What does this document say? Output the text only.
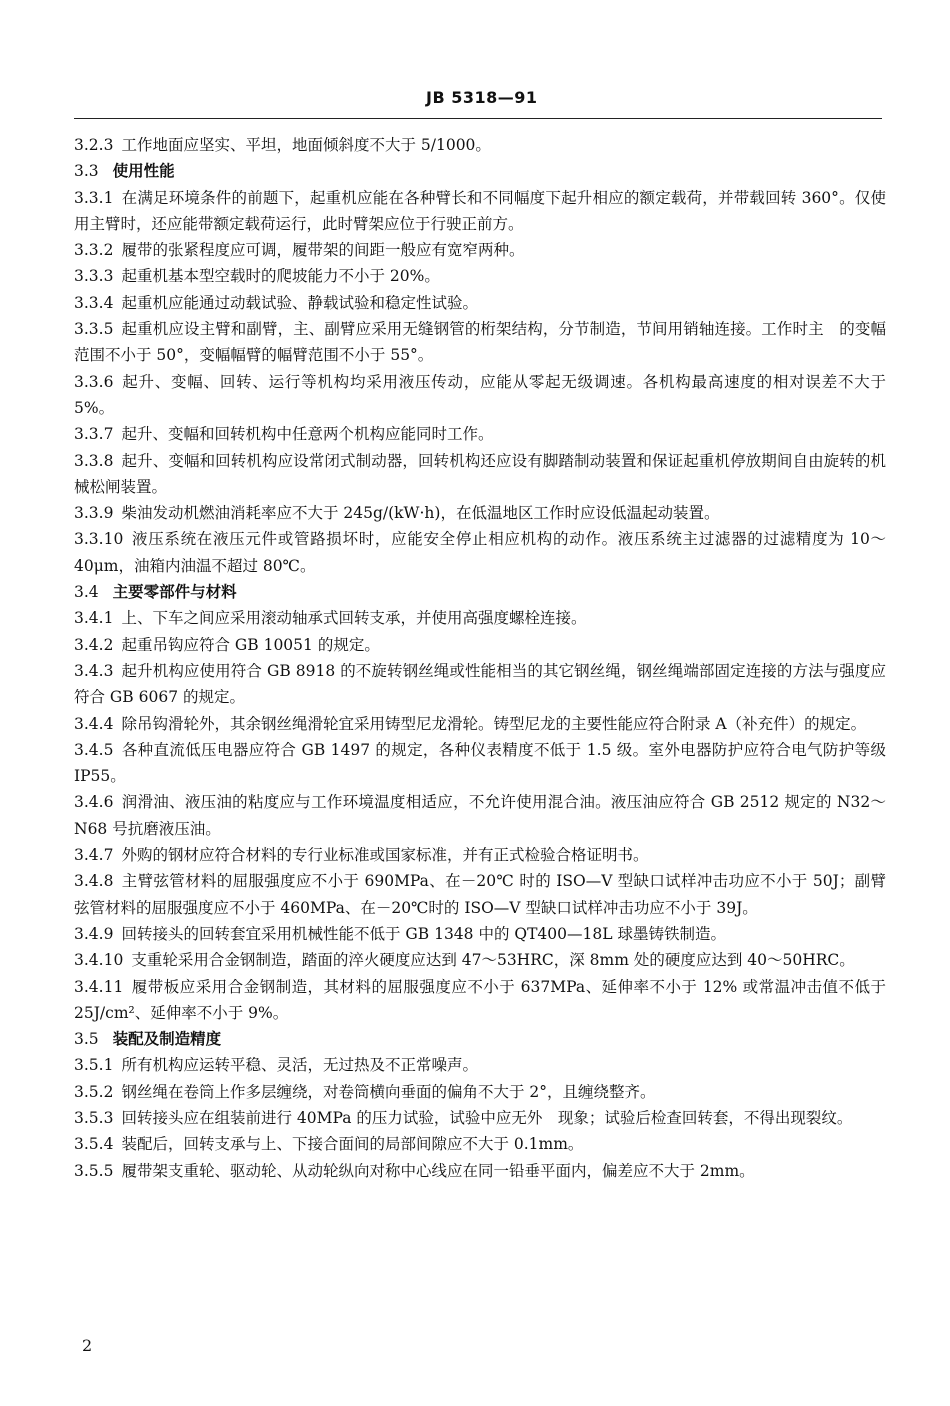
JB 5318—91

3.2.3 工作地面应坚实、平坦，地面倾斜度不大于 5/1000。

3.3 使用性能

3.3.1 在满足环境条件的前题下，起重机应能在各种臂长和不同幅度下起升相应的额定载荷，并带载回转 360°。仅使用主臂时，还应能带额定载荷运行，此时臂架应位于行驶正前方。

3.3.2 履带的张紧程度应可调，履带架的间距一般应有宽窄两种。

3.3.3 起重机基本型空载时的爬坡能力不小于 20%。

3.3.4 起重机应能通过动载试验、静载试验和稳定性试验。

3.3.5 起重机应设主臂和副臂，主、副臂应采用无缝钢管的桁架结构，分节制造，节间用销轴连接。工作时主　的变幅范围不小于 50°，变幅幅臂的幅臂范围不小于 55°。

3.3.6 起升、变幅、回转、运行等机构均采用液压传动，应能从零起无级调速。各机构最高速度的相对误差不大于 5%。

3.3.7 起升、变幅和回转机构中任意两个机构应能同时工作。

3.3.8 起升、变幅和回转机构应设常闭式制动器，回转机构还应设有脚踏制动装置和保证起重机停放期间自由旋转的机械松闸装置。

3.3.9 柴油发动机燃油消耗率应不大于 245g/(kW·h)，在低温地区工作时应设低温起动装置。

3.3.10 液压系统在液压元件或管路损坏时，应能安全停止相应机构的动作。液压系统主过滤器的过滤精度为 10～40μm，油箱内油温不超过 80℃。

3.4 主要零部件与材料

3.4.1 上、下车之间应采用滚动轴承式回转支承，并使用高强度螺栓连接。

3.4.2 起重吊钩应符合 GB 10051 的规定。

3.4.3 起升机构应使用符合 GB 8918 的不旋转钢丝绳或性能相当的其它钢丝绳，钢丝绳端部固定连接的方法与强度应符合 GB 6067 的规定。

3.4.4 除吊钩滑轮外，其余钢丝绳滑轮宜采用铸型尼龙滑轮。铸型尼龙的主要性能应符合附录 A（补充件）的规定。

3.4.5 各种直流低压电器应符合 GB 1497 的规定，各种仪表精度不低于 1.5 级。室外电器防护应符合电气防护等级 IP55。

3.4.6 润滑油、液压油的粘度应与工作环境温度相适应，不允许使用混合油。液压油应符合 GB 2512 规定的 N32～N68 号抗磨液压油。

3.4.7 外购的钢材应符合材料的专行业标准或国家标准，并有正式检验合格证明书。

3.4.8 主臂弦管材料的屈服强度应不小于 690MPa、在－20℃ 时的 ISO—V 型缺口试样冲击功应不小于 50J；副臂弦管材料的屈服强度应不小于 460MPa、在－20℃时的 ISO—V 型缺口试样冲击功应不小于 39J。

3.4.9 回转接头的回转套宜采用机械性能不低于 GB 1348 中的 QT400—18L 球墨铸铁制造。

3.4.10 支重轮采用合金钢制造，踏面的淬火硬度应达到 47～53HRC，深 8mm 处的硬度应达到 40～50HRC。

3.4.11 履带板应采用合金钢制造，其材料的屈服强度应不小于 637MPa、延伸率不小于 12% 或常温冲击值不低于 25J/cm²、延伸率不小于 9%。

3.5 装配及制造精度

3.5.1 所有机构应运转平稳、灵活，无过热及不正常噪声。

3.5.2 钢丝绳在卷筒上作多层缠绕，对卷筒横向垂面的偏角不大于 2°，且缠绕整齐。

3.5.3 回转接头应在组装前进行 40MPa 的压力试验，试验中应无外　现象；试验后检查回转套，不得出现裂纹。

3.5.4 装配后，回转支承与上、下接合面间的局部间隙应不大于 0.1mm。

3.5.5 履带架支重轮、驱动轮、从动轮纵向对称中心线应在同一铅垂平面内，偏差应不大于 2mm。

2
